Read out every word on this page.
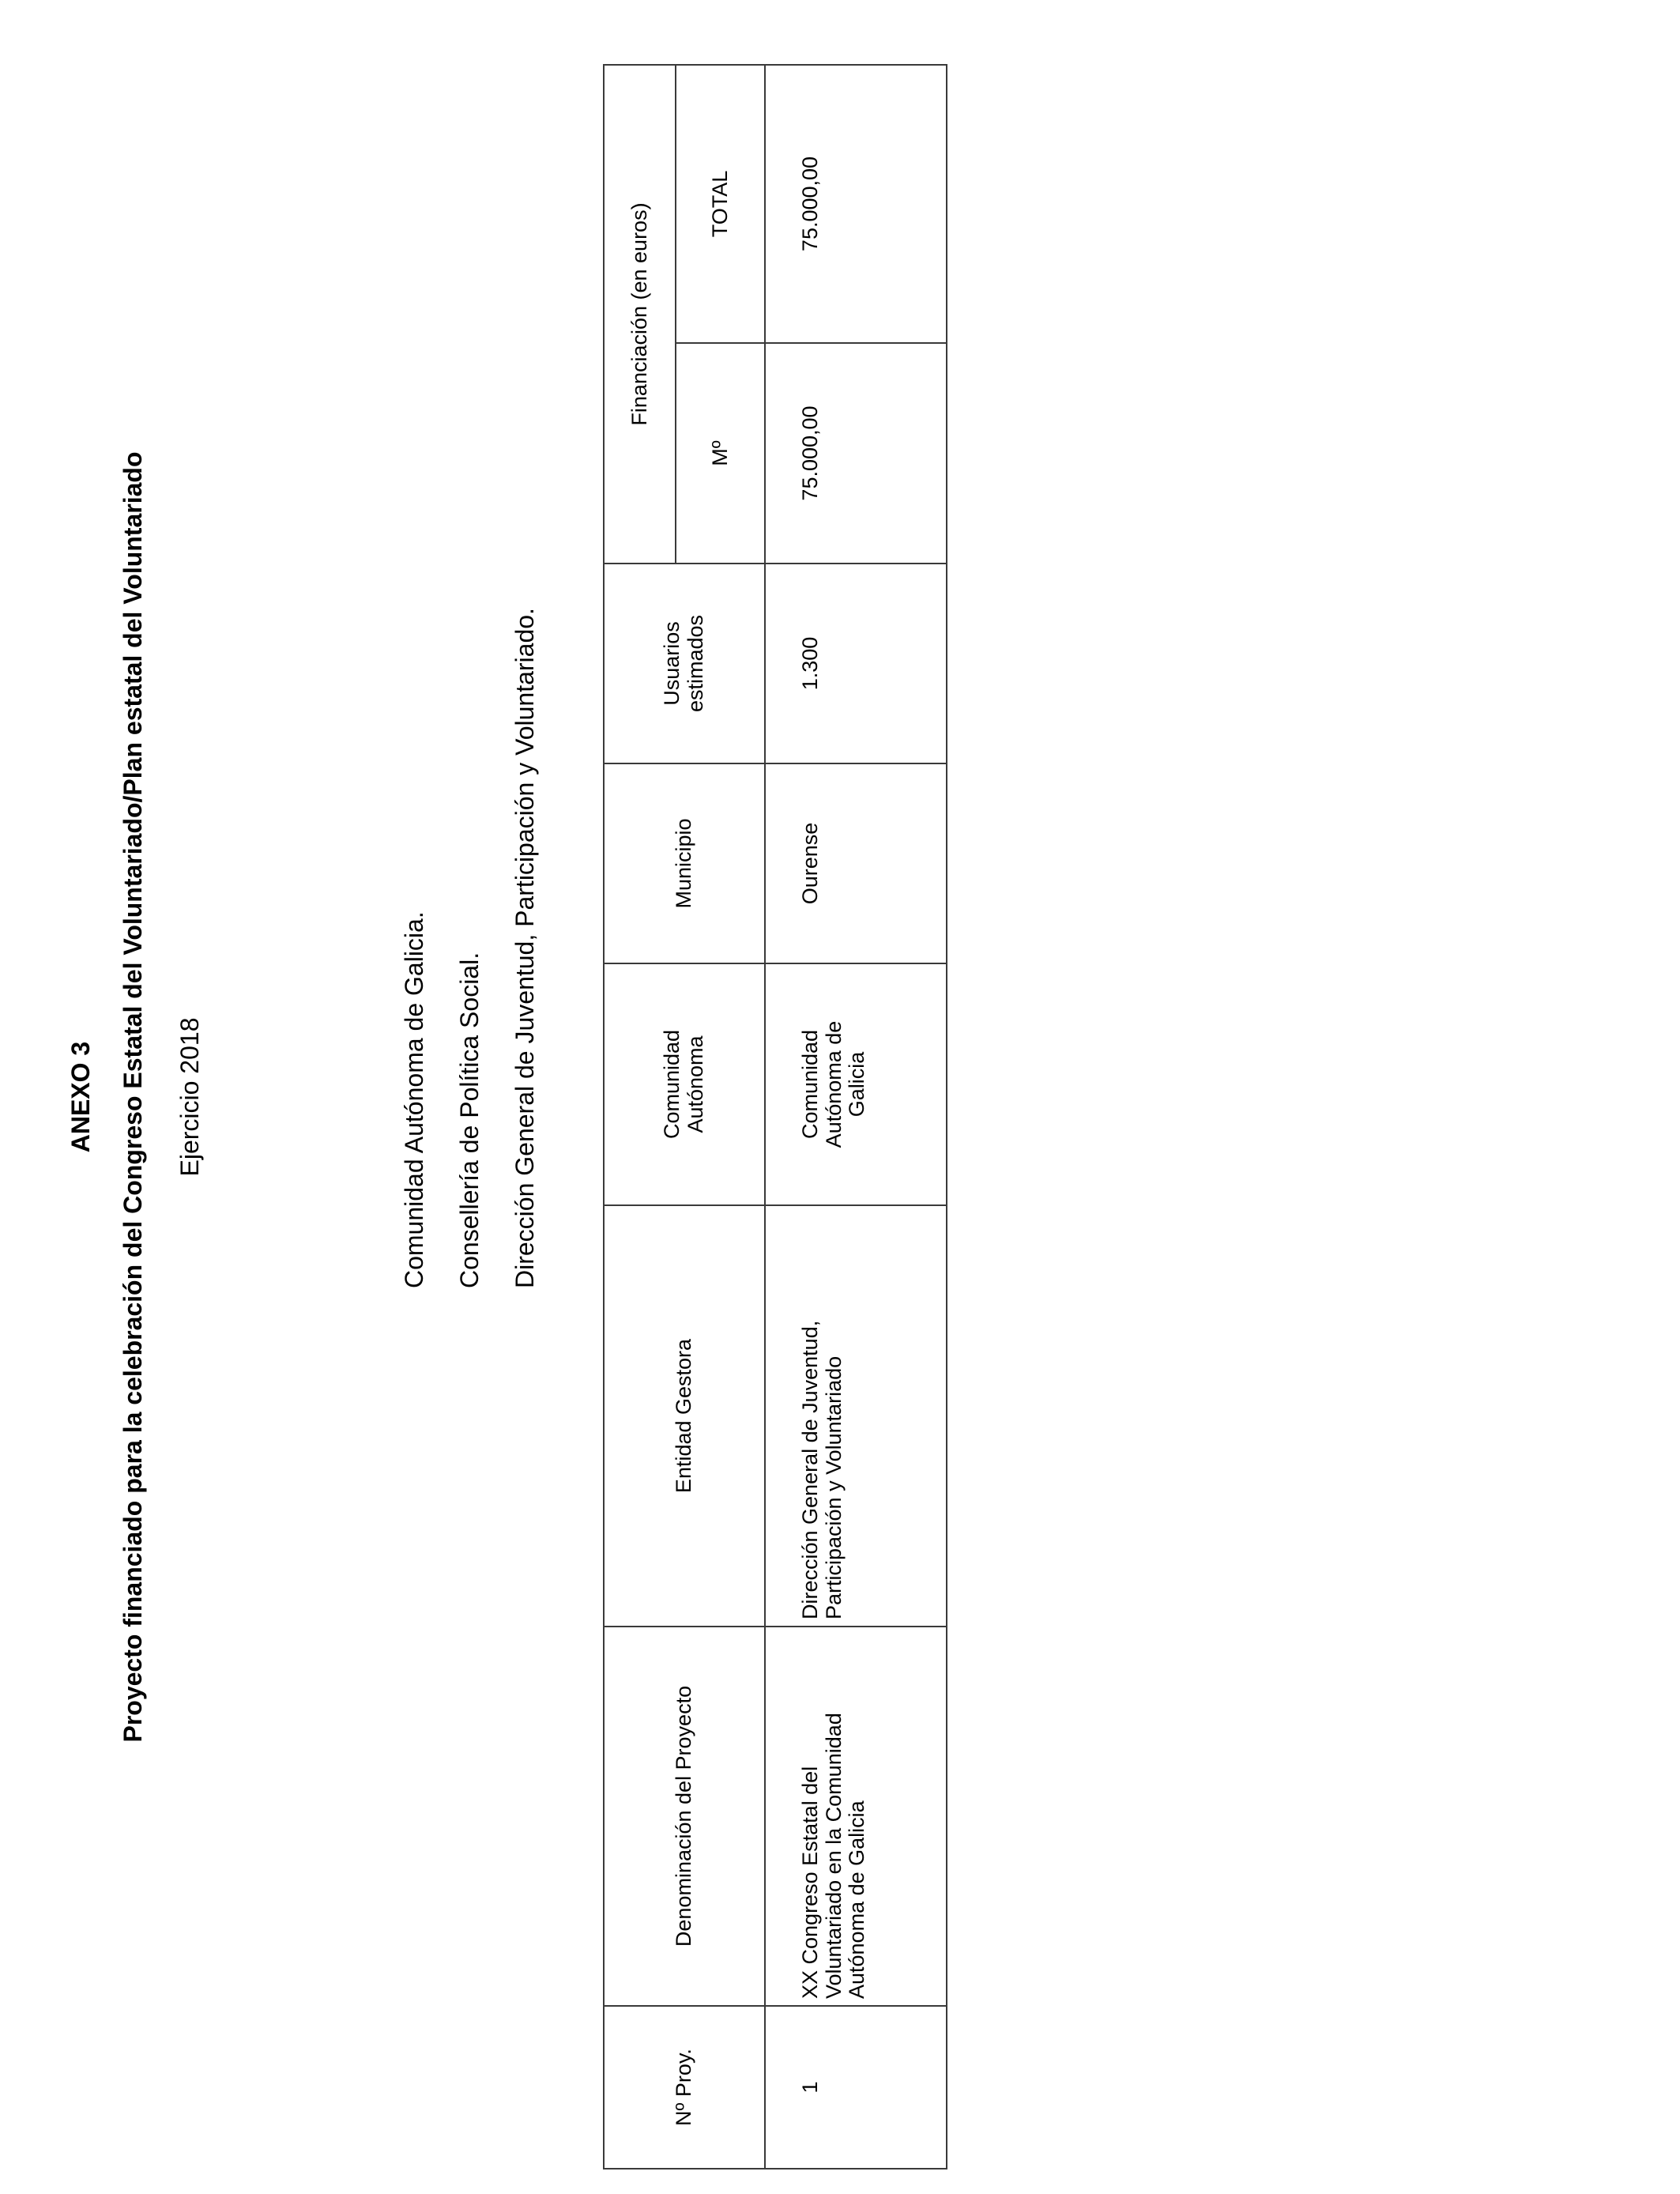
ANEXO 3 Proyecto financiado para la celebración del Congreso Estatal del Voluntariado/Plan estatal del Voluntariado Ejercicio 2018	Comunidad Autónoma de Galicia. Consellería de Política Social. Dirección General de Juventud, Participación y Voluntariado.
Nº Proy.	Denominación del Proyecto	Entidad Gestora	Comunidad Autónoma	Municipio	Usuarios estimados	Financiación (en euros)	
						Mº	TOTAL
1	XX Congreso Estatal del Voluntariado en la Comunidad Autónoma de Galicia	Dirección General de Juventud, Participación y Voluntariado	Comunidad Autónoma de Galicia	Ourense	1.300	75.000,00	75.000,00
